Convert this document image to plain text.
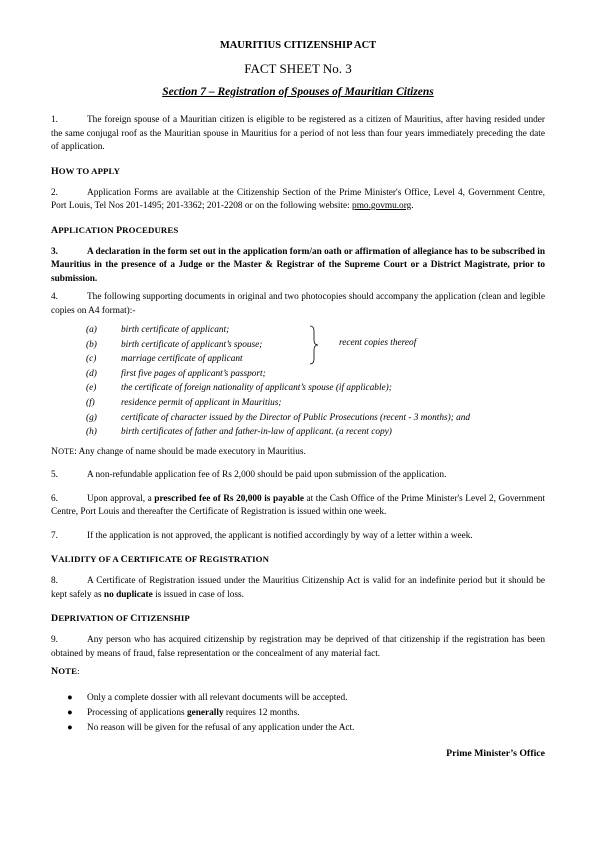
MAURITIUS CITIZENSHIP ACT
FACT SHEET No. 3
Section 7 – Registration of Spouses of Mauritian Citizens

1.	The foreign spouse of a Mauritian citizen is eligible to be registered as a citizen of Mauritius, after having resided under the same conjugal roof as the Mauritian spouse in Mauritius for a period of not less than four years immediately preceding the date of application.

HOW TO APPLY

2.	Application Forms are available at the Citizenship Section of the Prime Minister's Office, Level 4, Government Centre, Port Louis, Tel Nos 201-1495; 201-3362; 201-2208 or on the following website: pmo.govmu.org.

APPLICATION PROCEDURES

3.	A declaration in the form set out in the application form/an oath or affirmation of allegiance has to be subscribed in Mauritius in the presence of a Judge or the Master & Registrar of the Supreme Court or a District Magistrate, prior to submission.

4.	The following supporting documents in original and two photocopies should accompany the application (clean and legible copies on A4 format):-

(a)	birth certificate of applicant;
(b)	birth certificate of applicant’s spouse;
(c)	marriage certificate of applicant
(d)	first five pages of applicant’s passport;
(e)	the certificate of foreign nationality of applicant’s spouse (if applicable);
(f)	residence permit of applicant in Mauritius;
(g)	certificate of character issued by the Director of Public Prosecutions (recent - 3 months); and
(h)	birth certificates of father and father-in-law of applicant. (a recent copy)
recent copies thereof

NOTE: Any change of name should be made executory in Mauritius.

5.	A non-refundable application fee of Rs 2,000 should be paid upon submission of the application.

6.	Upon approval, a prescribed fee of Rs 20,000 is payable at the Cash Office of the Prime Minister's Level 2, Government Centre, Port Louis and thereafter the Certificate of Registration is issued within one week.

7.	If the application is not approved, the applicant is notified accordingly by way of a letter within a week.

VALIDITY OF A CERTIFICATE OF REGISTRATION

8.	A Certificate of Registration issued under the Mauritius Citizenship Act is valid for an indefinite period but it should be kept safely as no duplicate is issued in case of loss.

DEPRIVATION OF CITIZENSHIP

9.	Any person who has acquired citizenship by registration may be deprived of that citizenship if the registration has been obtained by means of fraud, false representation or the concealment of any material fact.

NOTE:
● Only a complete dossier with all relevant documents will be accepted.
● Processing of applications generally requires 12 months.
● No reason will be given for the refusal of any application under the Act.
Prime Minister’s Office
